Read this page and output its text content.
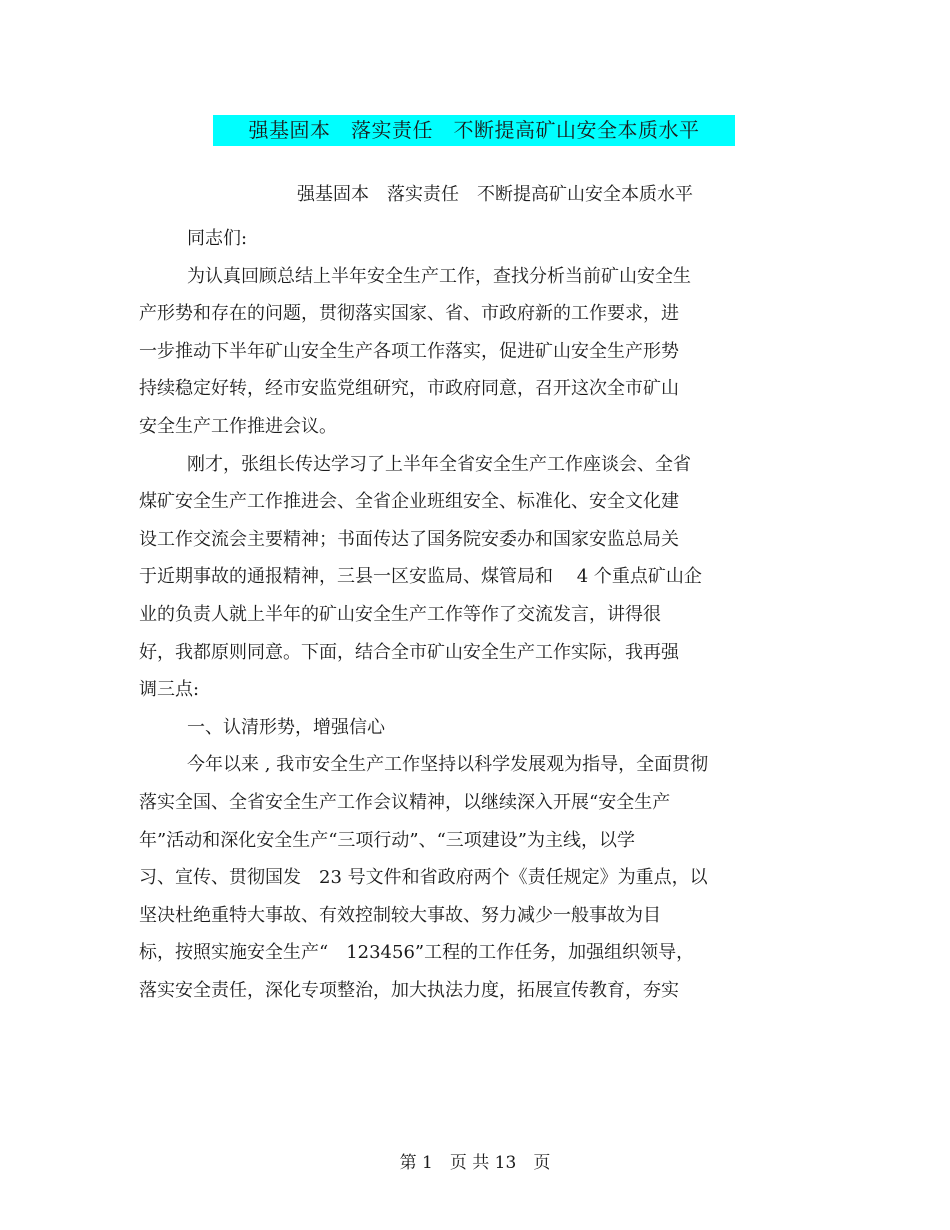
强基固本　落实责任　不断提高矿山安全本质水平
强基固本　落实责任　不断提高矿山安全本质水平
同志们:
为认真回顾总结上半年安全生产工作，查找分析当前矿山安全生
产形势和存在的问题，贯彻落实国家、省、市政府新的工作要求，进
一步推动下半年矿山安全生产各项工作落实，促进矿山安全生产形势
持续稳定好转，经市安监党组研究，市政府同意，召开这次全市矿山
安全生产工作推进会议。
刚才，张组长传达学习了上半年全省安全生产工作座谈会、全省
煤矿安全生产工作推进会、全省企业班组安全、标准化、安全文化建
设工作交流会主要精神；书面传达了国务院安委办和国家安监总局关
于近期事故的通报精神，三县一区安监局、煤管局和　 4 个重点矿山企
业的负责人就上半年的矿山安全生产工作等作了交流发言，讲得很
好，我都原则同意。下面，结合全市矿山安全生产工作实际，我再强
调三点:
一、认清形势，增强信心
今年以来 , 我市安全生产工作坚持以科学发展观为指导，全面贯彻
落实全国、全省安全生产工作会议精神，以继续深入开展“安全生产
年”活动和深化安全生产“三项行动”、“三项建设”为主线，以学
习、宣传、贯彻国发　23 号文件和省政府两个《责任规定》为重点，以
坚决杜绝重特大事故、有效控制较大事故、努力减少一般事故为目
标，按照实施安全生产“　123456”工程的工作任务，加强组织领导，
落实安全责任，深化专项整治，加大执法力度，拓展宣传教育，夯实
第 1　页 共 13　页
